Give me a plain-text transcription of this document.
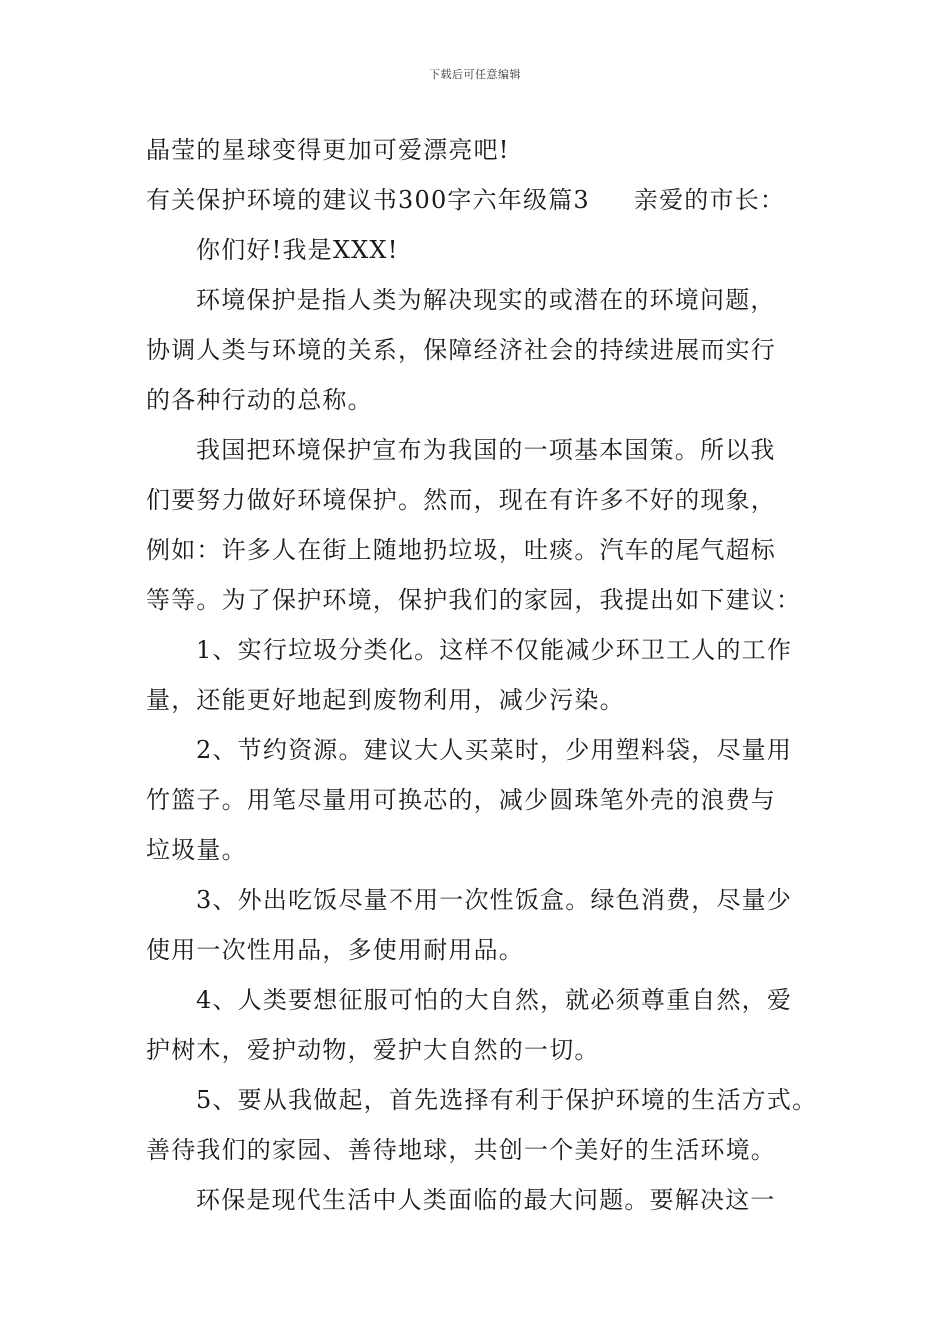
下载后可任意编辑
晶莹的星球变得更加可爱漂亮吧!
有关保护环境的建议书300字六年级篇3 亲爱的市长：
你们好!我是XXX!
环境保护是指人类为解决现实的或潜在的环境问题，
协调人类与环境的关系，保障经济社会的持续进展而实行
的各种行动的总称。
我国把环境保护宣布为我国的一项基本国策。所以我
们要努力做好环境保护。然而，现在有许多不好的现象，
例如：许多人在街上随地扔垃圾，吐痰。汽车的尾气超标
等等。为了保护环境，保护我们的家园，我提出如下建议：
1、实行垃圾分类化。这样不仅能减少环卫工人的工作
量，还能更好地起到废物利用，减少污染。
2、节约资源。建议大人买菜时，少用塑料袋，尽量用
竹篮子。用笔尽量用可换芯的，减少圆珠笔外壳的浪费与
垃圾量。
3、外出吃饭尽量不用一次性饭盒。绿色消费，尽量少
使用一次性用品，多使用耐用品。
4、人类要想征服可怕的大自然，就必须尊重自然，爱
护树木，爱护动物，爱护大自然的一切。
5、要从我做起，首先选择有利于保护环境的生活方式。
善待我们的家园、善待地球，共创一个美好的生活环境。
环保是现代生活中人类面临的最大问题。要解决这一
